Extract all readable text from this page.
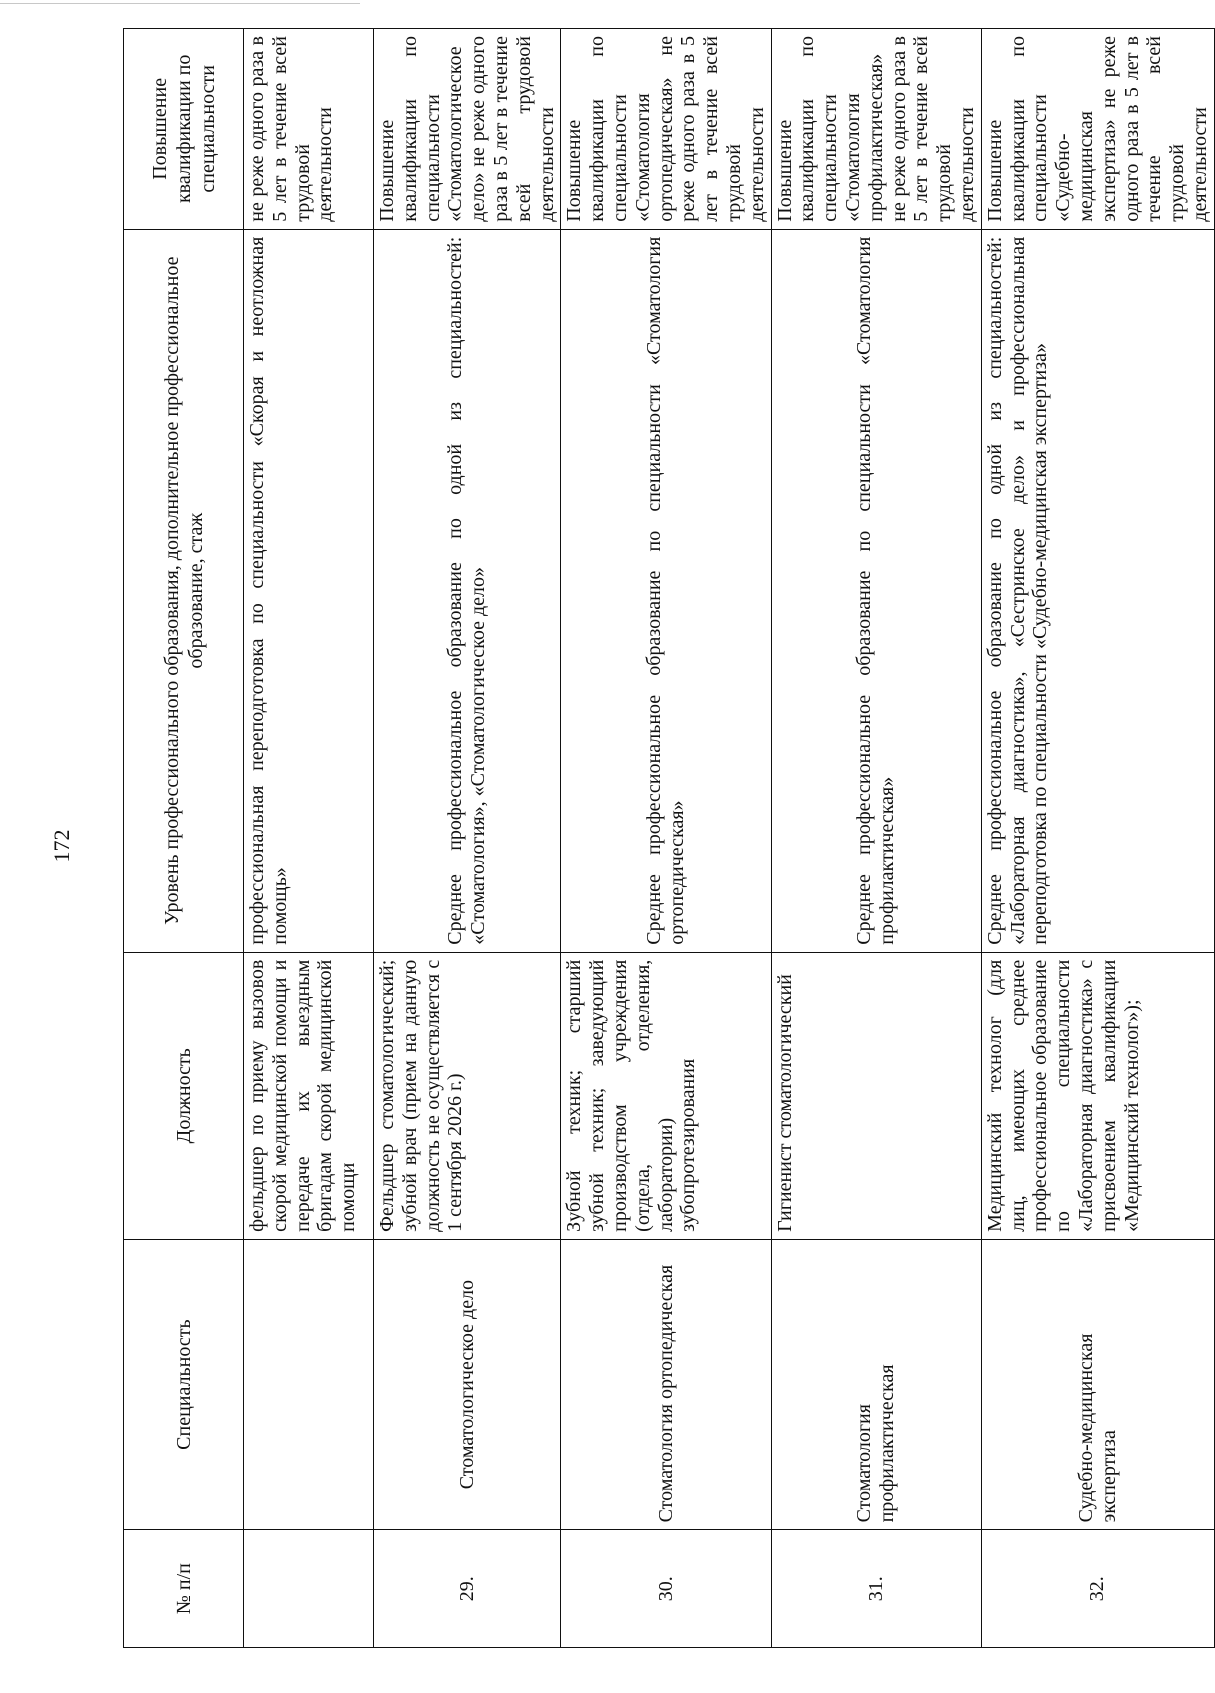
172
№ п/п	Специальность	Должность	Уровень профессионального образования, дополнительное профессиональное образование, стаж	Повышение квалификации по специальности
		фельдшер по приему вызовов скорой медицинской помощи и передаче их выездным бригадам скорой медицинской помощи	профессиональная переподготовка по специальности «Скорая и неотложная помощь»	не реже одного раза в 5 лет в течение всей трудовой деятельности
29.	Стоматологическое дело	Фельдшер стоматологический; зубной врач (прием на данную должность не осуществляется с 1 сентября 2026 г.)	Среднее профессиональное образование по одной из специальностей: «Стоматология», «Стоматологическое дело»	Повышение квалификации по специальности «Стоматологическое дело» не реже одного раза в 5 лет в течение всей трудовой деятельности
30.	Стоматология ортопедическая	Зубной техник; старший зубной техник; заведующий производством учреждения (отдела, отделения, лаборатории) зубопротезирования	Среднее профессиональное образование по специальности «Стоматология ортопедическая»	Повышение квалификации по специальности «Стоматология ортопедическая» не реже одного раза в 5 лет в течение всей трудовой деятельности
31.	Стоматология профилактическая	Гигиенист стоматологический	Среднее профессиональное образование по специальности «Стоматология профилактическая»	Повышение квалификации по специальности «Стоматология профилактическая» не реже одного раза в 5 лет в течение всей трудовой деятельности
32.	Судебно-медицинская экспертиза	Медицинский технолог (для лиц, имеющих среднее профессиональное образование по специальности «Лабораторная диагностика» с присвоением квалификации «Медицинский технолог»);	Среднее профессиональное образование по одной из специальностей: «Лабораторная диагностика», «Сестринское дело» и профессиональная переподготовка по специальности «Судебно-медицинская экспертиза»	Повышение квалификации по специальности «Судебно-медицинская экспертиза» не реже одного раза в 5 лет в течение всей трудовой деятельности
